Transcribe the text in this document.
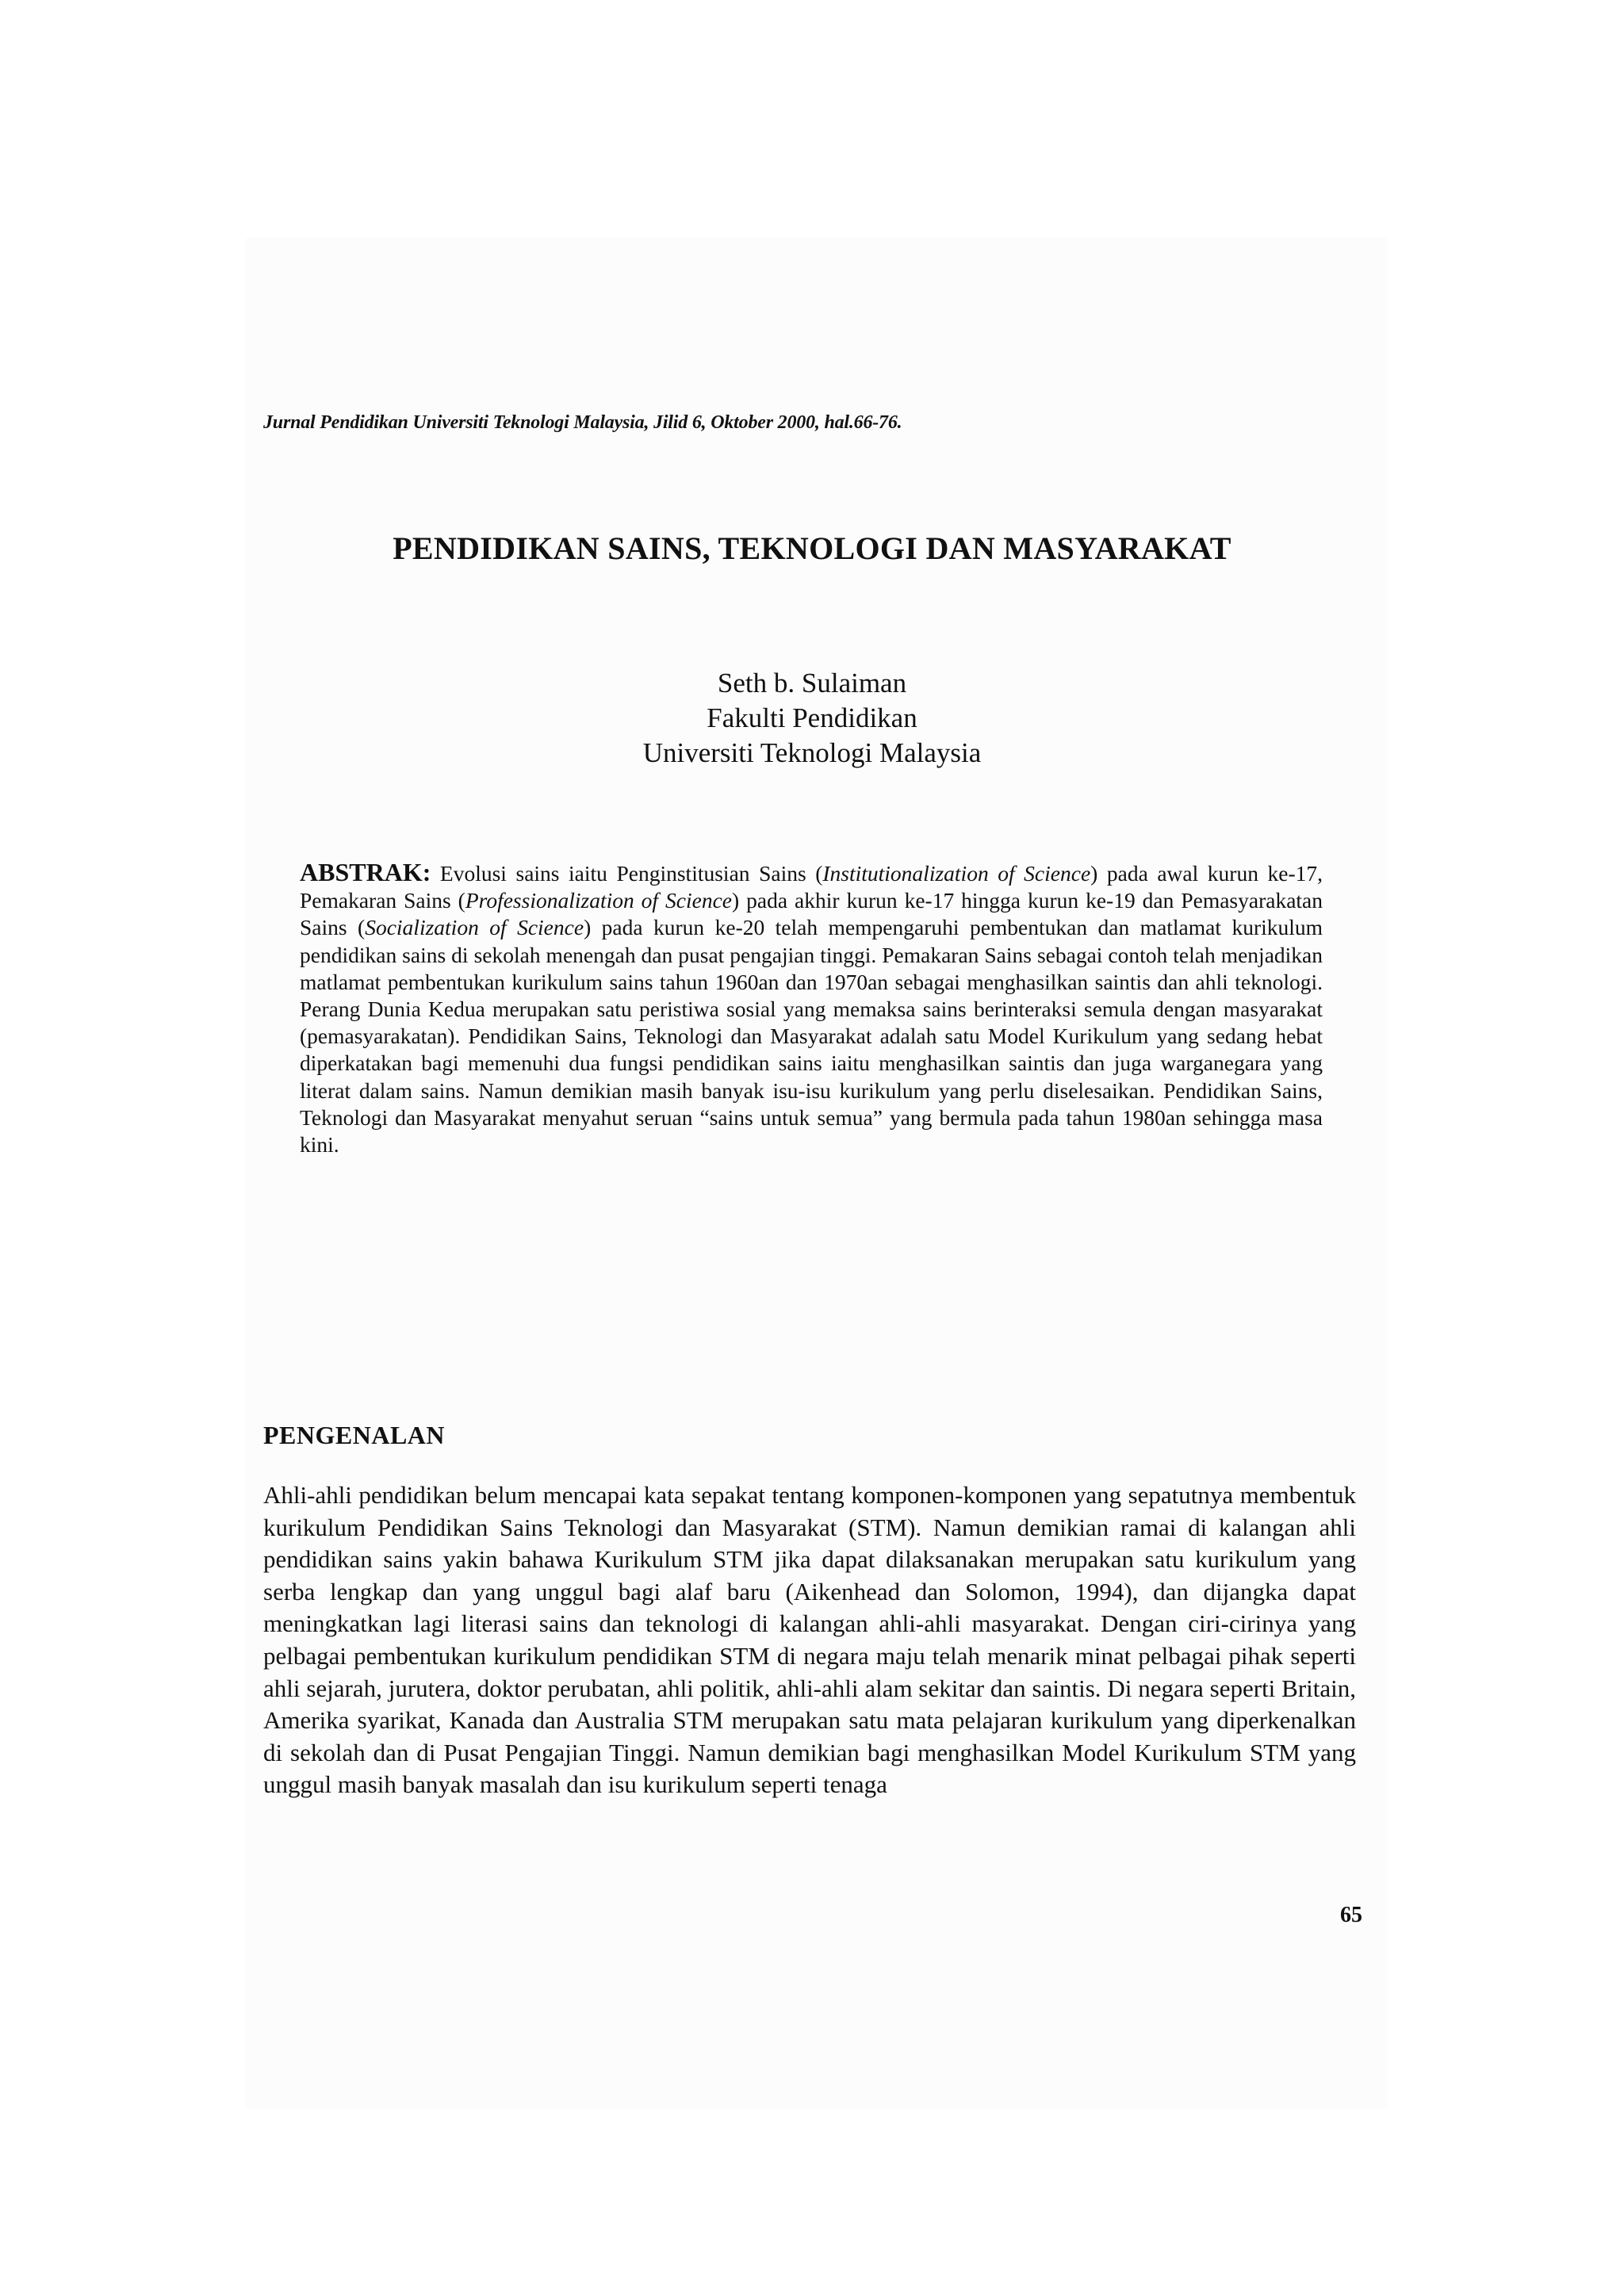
Jurnal Pendidikan Universiti Teknologi Malaysia, Jilid 6, Oktober 2000, hal.66-76.
PENDIDIKAN SAINS, TEKNOLOGI DAN MASYARAKAT
Seth b. Sulaiman
Fakulti Pendidikan
Universiti Teknologi Malaysia
ABSTRAK: Evolusi sains iaitu Penginstitusian Sains (Institutionalization of Science) pada awal kurun ke-17, Pemakaran Sains (Professionalization of Science) pada akhir kurun ke-17 hingga kurun ke-19 dan Pemasyarakatan Sains (Socialization of Science) pada kurun ke-20 telah mempengaruhi pembentukan dan matlamat kurikulum pendidikan sains di sekolah menengah dan pusat pengajian tinggi. Pemakaran Sains sebagai contoh telah menjadikan matlamat pembentukan kurikulum sains tahun 1960an dan 1970an sebagai menghasilkan saintis dan ahli teknologi. Perang Dunia Kedua merupakan satu peristiwa sosial yang memaksa sains berinteraksi semula dengan masyarakat (pemasyarakatan). Pendidikan Sains, Teknologi dan Masyarakat adalah satu Model Kurikulum yang sedang hebat diperkatakan bagi memenuhi dua fungsi pendidikan sains iaitu menghasilkan saintis dan juga warganegara yang literat dalam sains. Namun demikian masih banyak isu-isu kurikulum yang perlu diselesaikan. Pendidikan Sains, Teknologi dan Masyarakat menyahut seruan “sains untuk semua” yang bermula pada tahun 1980an sehingga masa kini.
PENGENALAN
Ahli-ahli pendidikan belum mencapai kata sepakat tentang komponen-komponen yang sepatutnya membentuk kurikulum Pendidikan Sains Teknologi dan Masyarakat (STM). Namun demikian ramai di kalangan ahli pendidikan sains yakin bahawa Kurikulum STM jika dapat dilaksanakan merupakan satu kurikulum yang serba lengkap dan yang unggul bagi alaf baru (Aikenhead dan Solomon, 1994), dan dijangka dapat meningkatkan lagi literasi sains dan teknologi di kalangan ahli-ahli masyarakat. Dengan ciri-cirinya yang pelbagai pembentukan kurikulum pendidikan STM di negara maju telah menarik minat pelbagai pihak seperti ahli sejarah, jurutera, doktor perubatan, ahli politik, ahli-ahli alam sekitar dan saintis. Di negara seperti Britain, Amerika syarikat, Kanada dan Australia STM merupakan satu mata pelajaran kurikulum yang diperkenalkan di sekolah dan di Pusat Pengajian Tinggi. Namun demikian bagi menghasilkan Model Kurikulum STM yang unggul masih banyak masalah dan isu kurikulum seperti tenaga
65
